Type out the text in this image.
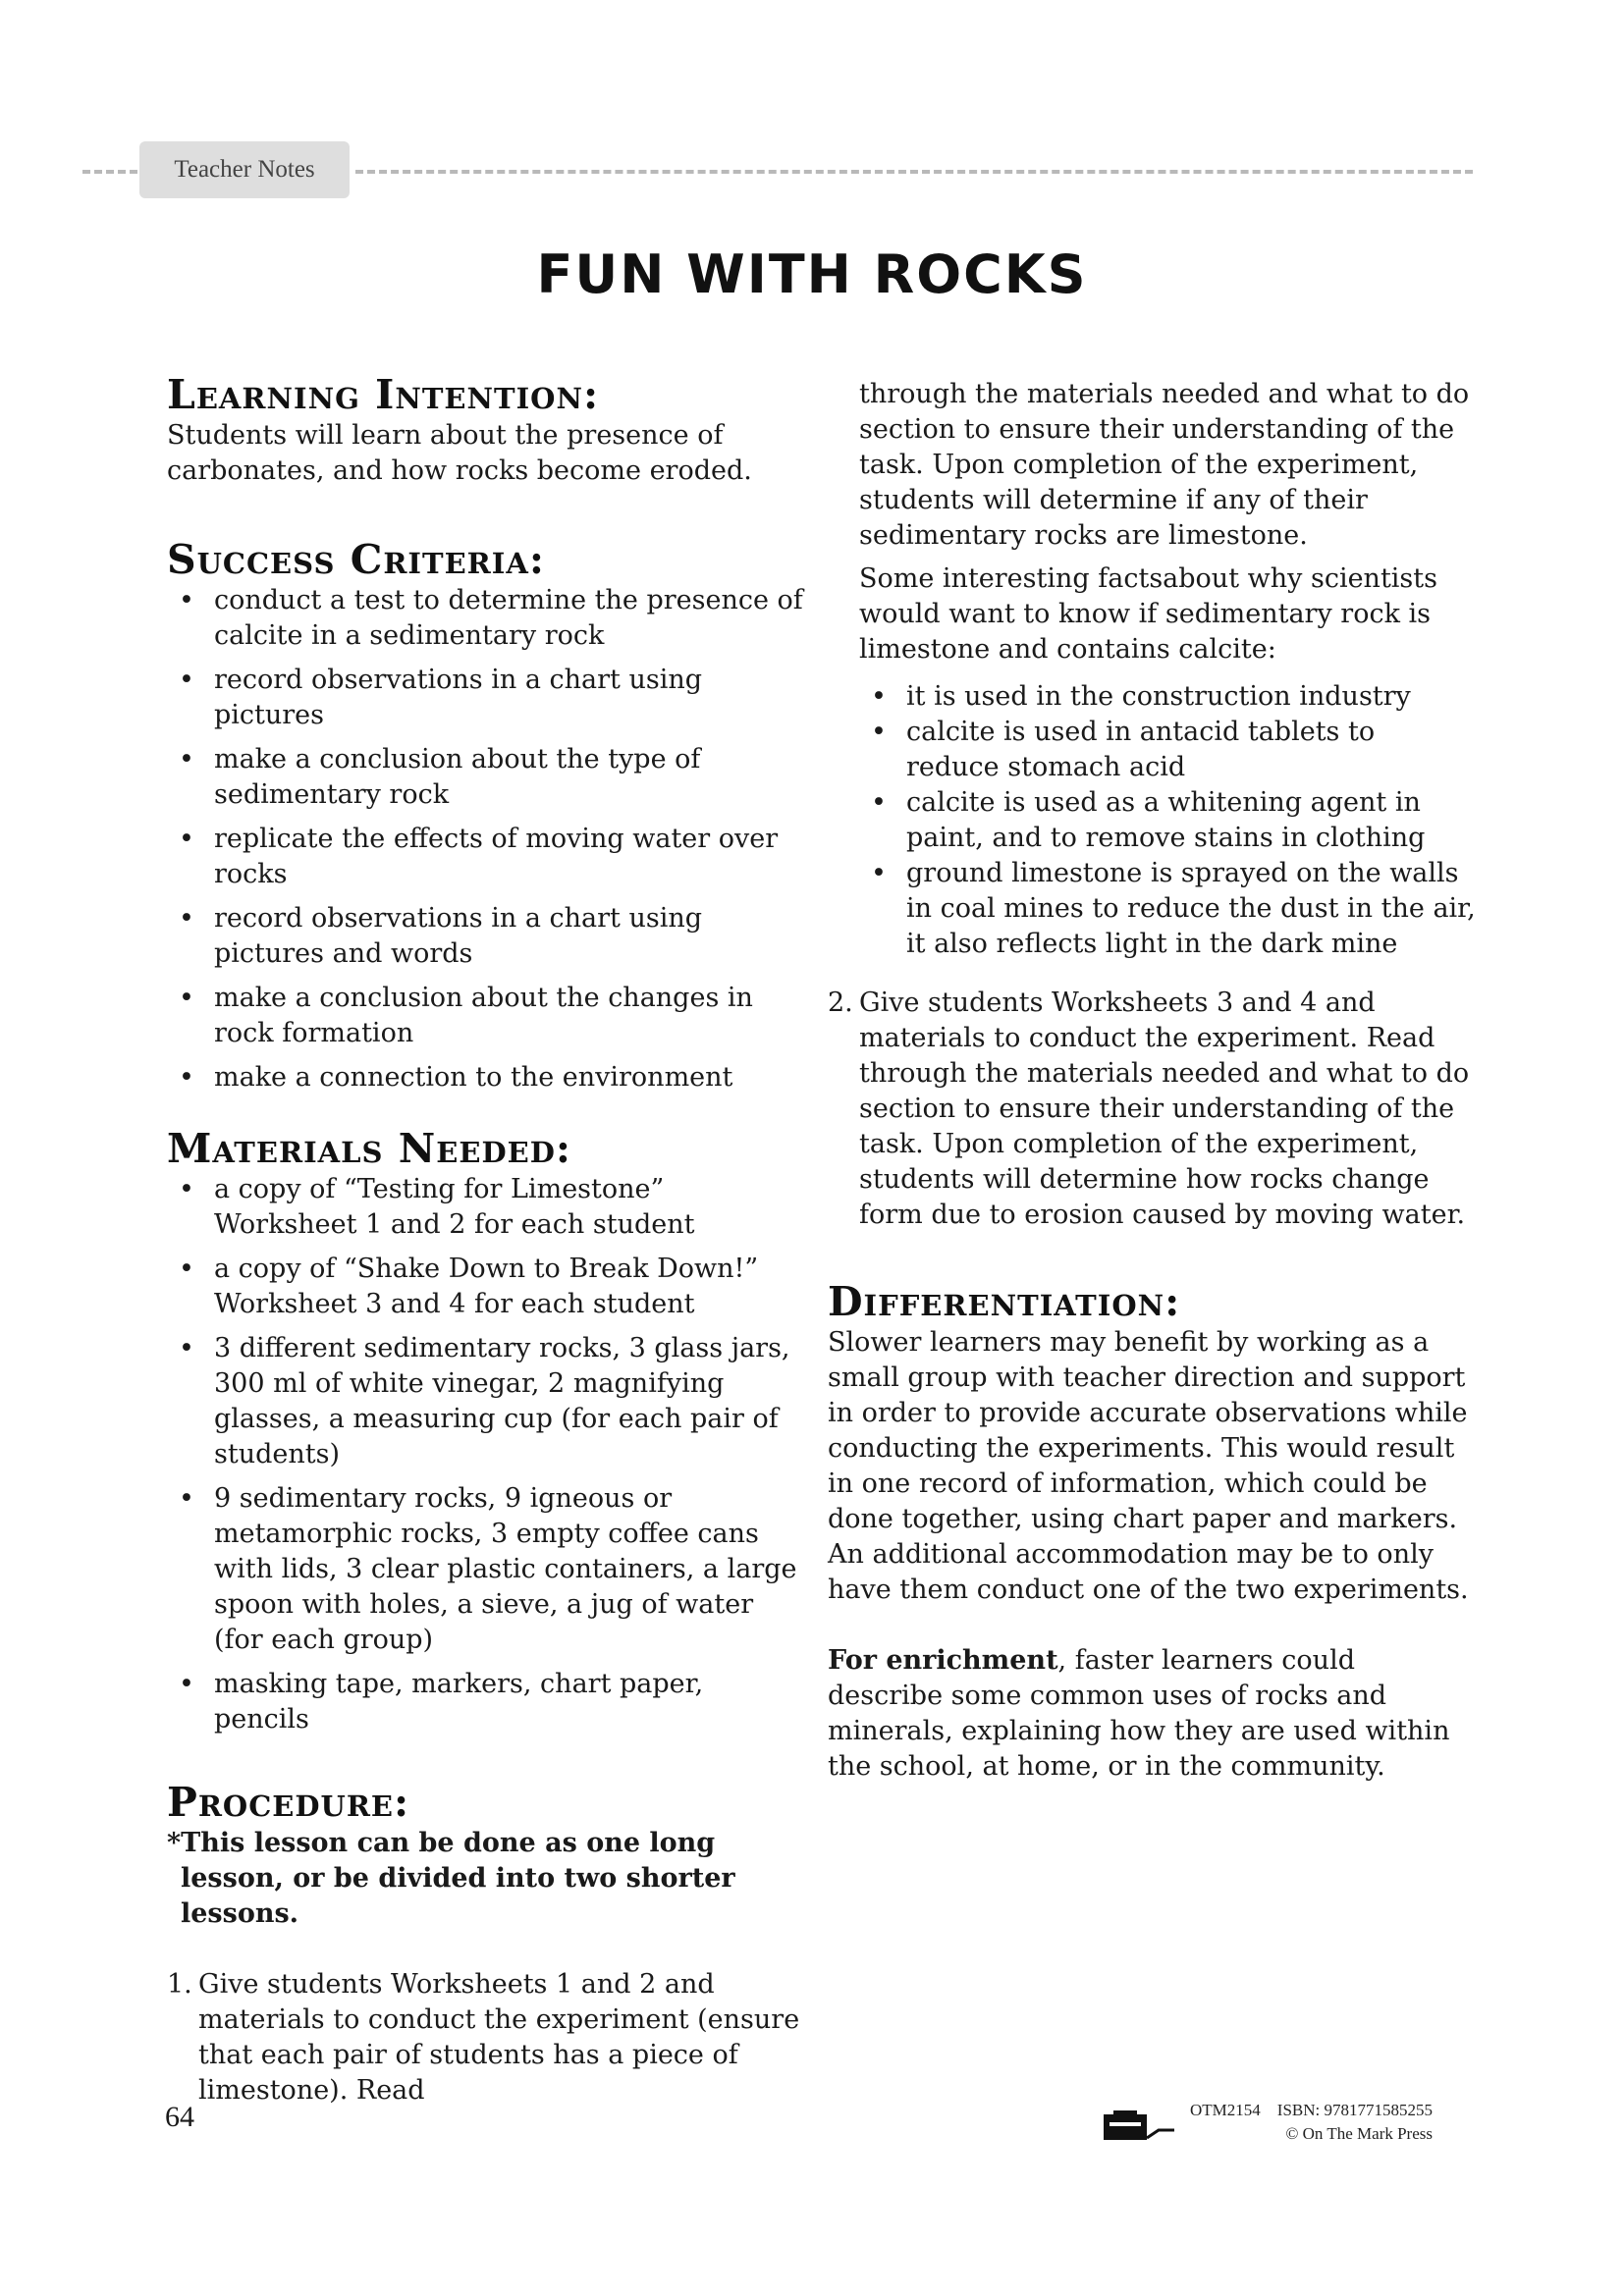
Teacher Notes
FUN WITH ROCKS
Learning Intention:

Students will learn about the presence of carbonates, and how rocks become eroded.

Success Criteria:
• conduct a test to determine the presence of calcite in a sedimentary rock
• record observations in a chart using pictures
• make a conclusion about the type of sedimentary rock
• replicate the effects of moving water over rocks
• record observations in a chart using pictures and words
• make a conclusion about the changes in rock formation
• make a connection to the environment
Materials Needed:
• a copy of “Testing for Limestone” Worksheet 1 and 2 for each student
• a copy of “Shake Down to Break Down!” Worksheet 3 and 4 for each student
• 3 different sedimentary rocks, 3 glass jars, 300 ml of white vinegar, 2 magnifying glasses, a measuring cup (for each pair of students)
• 9 sedimentary rocks, 9 igneous or metamorphic rocks, 3 empty coffee cans with lids, 3 clear plastic containers, a large spoon with holes, a sieve, a jug of water (for each group)
• masking tape, markers, chart paper, pencils
Procedure:

*This lesson can be done as one long lesson, or be divided into two shorter lessons.

1. Give students Worksheets 1 and 2 and materials to conduct the experiment (ensure that each pair of students has a piece of limestone). Read

through the materials needed and what to do section to ensure their understanding of the task. Upon completion of the experiment, students will determine if any of their sedimentary rocks are limestone.

Some interesting factsabout why scientists would want to know if sedimentary rock is limestone and contains calcite:

• it is used in the construction industry
• calcite is used in antacid tablets to reduce stomach acid
• calcite is used as a whitening agent in paint, and to remove stains in clothing
• ground limestone is sprayed on the walls in coal mines to reduce the dust in the air, it also reflects light in the dark mine
2. Give students Worksheets 3 and 4 and materials to conduct the experiment. Read through the materials needed and what to do section to ensure their understanding of the task. Upon completion of the experiment, students will determine how rocks change form due to erosion caused by moving water.
Differentiation:

Slower learners may benefit by working as a small group with teacher direction and support in order to provide accurate observations while conducting the experiments. This would result in one record of information, which could be done together, using chart paper and markers. An additional accommodation may be to only have them conduct one of the two experiments.

For enrichment, faster learners could describe some common uses of rocks and minerals, explaining how they are used within the school, at home, or in the community.

64	OTM2154 ISBN: 9781771585255
© On The Mark Press
